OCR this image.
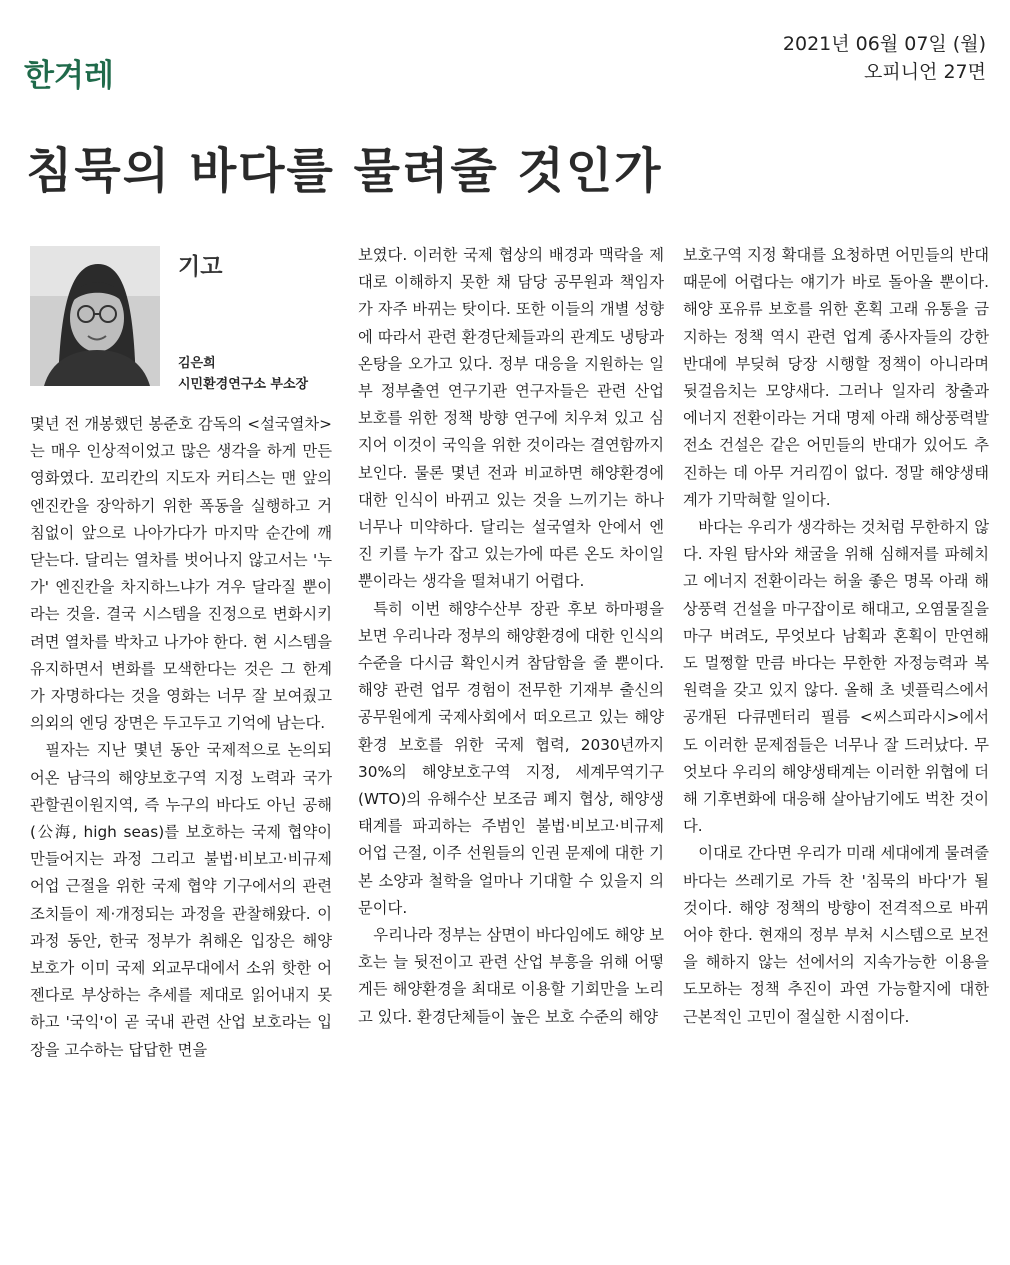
한겨레
2021년 06월 07일 (월)
오피니언 27면
침묵의 바다를 물려줄 것인가
기고
김은희
시민환경연구소 부소장

몇년 전 개봉했던 봉준호 감독의 <설국열차>는 매우 인상적이었고 많은 생각을 하게 만든 영화였다. 꼬리칸의 지도자 커티스는 맨 앞의 엔진칸을 장악하기 위한 폭동을 실행하고 거침없이 앞으로 나아가다가 마지막 순간에 깨닫는다. 달리는 열차를 벗어나지 않고서는 '누가' 엔진칸을 차지하느냐가 겨우 달라질 뿐이라는 것을. 결국 시스템을 진정으로 변화시키려면 열차를 박차고 나가야 한다. 현 시스템을 유지하면서 변화를 모색한다는 것은 그 한계가 자명하다는 것을 영화는 너무 잘 보여줬고 의외의 엔딩 장면은 두고두고 기억에 남는다.

필자는 지난 몇년 동안 국제적으로 논의되어온 남극의 해양보호구역 지정 노력과 국가관할권이원지역, 즉 누구의 바다도 아닌 공해(公海, high seas)를 보호하는 국제 협약이 만들어지는 과정 그리고 불법·비보고·비규제 어업 근절을 위한 국제 협약 기구에서의 관련 조치들이 제·개정되는 과정을 관찰해왔다. 이 과정 동안, 한국 정부가 취해온 입장은 해양 보호가 이미 국제 외교무대에서 소위 핫한 어젠다로 부상하는 추세를 제대로 읽어내지 못하고 '국익'이 곧 국내 관련 산업 보호라는 입장을 고수하는 답답한 면을

보였다. 이러한 국제 협상의 배경과 맥락을 제대로 이해하지 못한 채 담당 공무원과 책임자가 자주 바뀌는 탓이다. 또한 이들의 개별 성향에 따라서 관련 환경단체들과의 관계도 냉탕과 온탕을 오가고 있다. 정부 대응을 지원하는 일부 정부출연 연구기관 연구자들은 관련 산업 보호를 위한 정책 방향 연구에 치우쳐 있고 심지어 이것이 국익을 위한 것이라는 결연함까지 보인다. 물론 몇년 전과 비교하면 해양환경에 대한 인식이 바뀌고 있는 것을 느끼기는 하나 너무나 미약하다. 달리는 설국열차 안에서 엔진 키를 누가 잡고 있는가에 따른 온도 차이일 뿐이라는 생각을 떨쳐내기 어렵다.

특히 이번 해양수산부 장관 후보 하마평을 보면 우리나라 정부의 해양환경에 대한 인식의 수준을 다시금 확인시켜 참담함을 줄 뿐이다. 해양 관련 업무 경험이 전무한 기재부 출신의 공무원에게 국제사회에서 떠오르고 있는 해양환경 보호를 위한 국제 협력, 2030년까지 30%의 해양보호구역 지정, 세계무역기구(WTO)의 유해수산 보조금 폐지 협상, 해양생태계를 파괴하는 주범인 불법·비보고·비규제 어업 근절, 이주 선원들의 인권 문제에 대한 기본 소양과 철학을 얼마나 기대할 수 있을지 의문이다.

우리나라 정부는 삼면이 바다임에도 해양 보호는 늘 뒷전이고 관련 산업 부흥을 위해 어떻게든 해양환경을 최대로 이용할 기회만을 노리고 있다. 환경단체들이 높은 보호 수준의 해양

보호구역 지정 확대를 요청하면 어민들의 반대 때문에 어렵다는 얘기가 바로 돌아올 뿐이다. 해양 포유류 보호를 위한 혼획 고래 유통을 금지하는 정책 역시 관련 업계 종사자들의 강한 반대에 부딪혀 당장 시행할 정책이 아니라며 뒷걸음치는 모양새다. 그러나 일자리 창출과 에너지 전환이라는 거대 명제 아래 해상풍력발전소 건설은 같은 어민들의 반대가 있어도 추진하는 데 아무 거리낌이 없다. 정말 해양생태계가 기막혀할 일이다.

바다는 우리가 생각하는 것처럼 무한하지 않다. 자원 탐사와 채굴을 위해 심해저를 파헤치고 에너지 전환이라는 허울 좋은 명목 아래 해상풍력 건설을 마구잡이로 해대고, 오염물질을 마구 버려도, 무엇보다 남획과 혼획이 만연해도 멀쩡할 만큼 바다는 무한한 자정능력과 복원력을 갖고 있지 않다. 올해 초 넷플릭스에서 공개된 다큐멘터리 필름 <씨스피라시>에서도 이러한 문제점들은 너무나 잘 드러났다. 무엇보다 우리의 해양생태계는 이러한 위협에 더해 기후변화에 대응해 살아남기에도 벅찬 것이다.

이대로 간다면 우리가 미래 세대에게 물려줄 바다는 쓰레기로 가득 찬 '침묵의 바다'가 될 것이다. 해양 정책의 방향이 전격적으로 바뀌어야 한다. 현재의 정부 부처 시스템으로 보전을 해하지 않는 선에서의 지속가능한 이용을 도모하는 정책 추진이 과연 가능할지에 대한 근본적인 고민이 절실한 시점이다.
